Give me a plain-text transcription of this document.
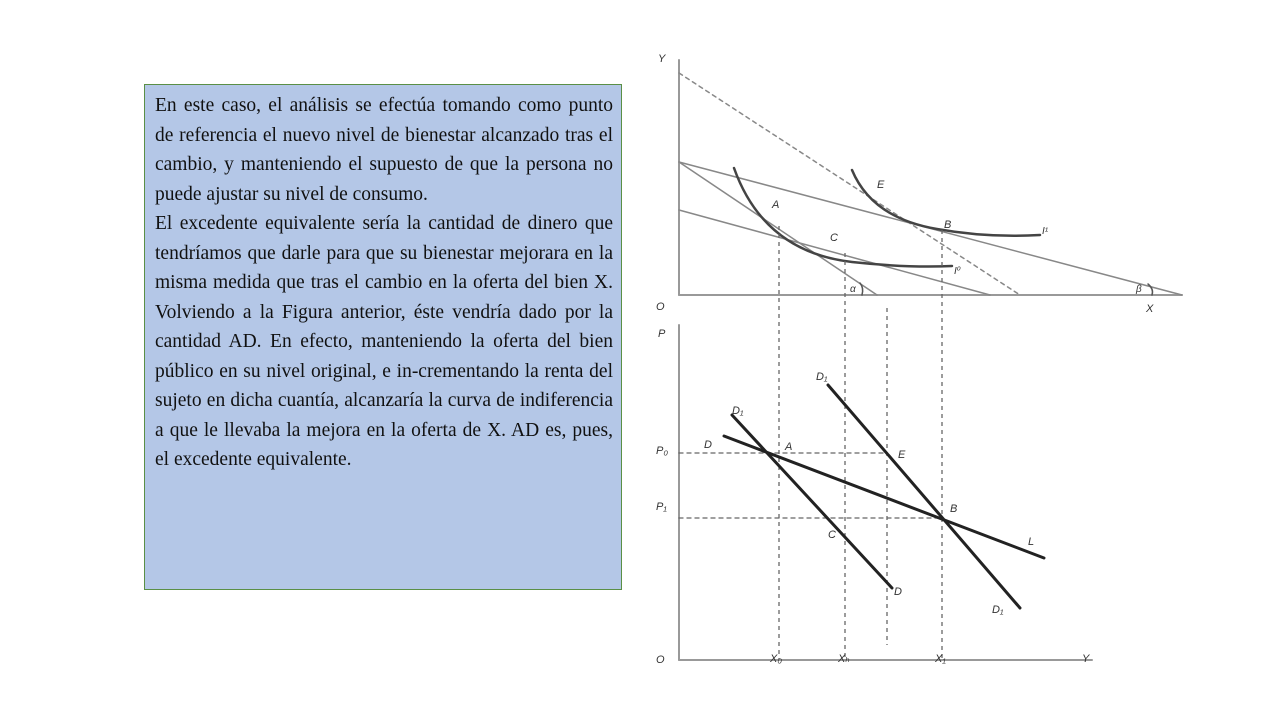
En este caso, el análisis se efectúa tomando como punto de referencia el nuevo nivel de bienestar alcanzado tras el cambio, y manteniendo el supuesto de que la persona no puede ajustar su nivel de consumo.

El excedente equivalente sería la cantidad de dinero que tendríamos que darle para que su bienestar mejorara en la misma medida que tras el cambio en la oferta del bien X. Volviendo a la Figura anterior, éste vendría dado por la cantidad AD. En efecto, manteniendo la oferta del bien público en su nivel original, e in-crementando la renta del sujeto en dicha cuantía, alcanzaría la curva de indiferencia a que le llevaba la mejora en la oferta de X. AD es, pues, el excedente equivalente.

Y
X
O
A
E
B
C
I¹
I⁰
α	β
P
Y
O
P₀
P₁
X₀	Xₕ	X₁
A
E
B
C
D₁
D
D₁
L
D
D₁
